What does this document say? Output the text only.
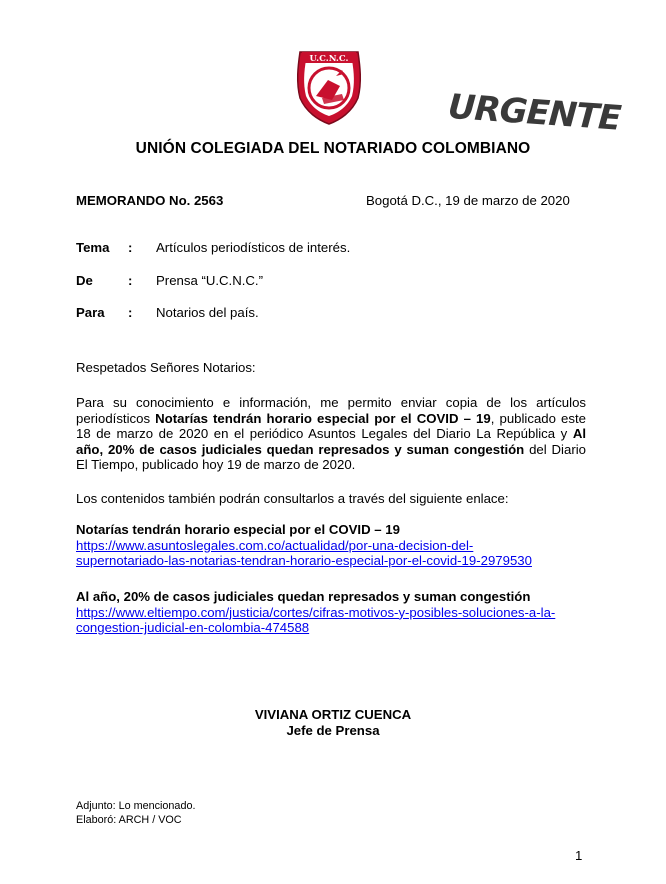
U.C.N.C.
URGENTE
UNIÓN COLEGIADA DEL NOTARIADO COLOMBIANO
MEMORANDO No. 2563	Bogotá D.C., 19 de marzo de 2020
Tema : Artículos periodísticos de interés.
De	: Prensa “U.C.N.C.”
Para : Notarios del país.
Respetados Señores Notarios:
Para su conocimiento e información, me permito enviar copia de los artículos periodísticos Notarías tendrán horario especial por el COVID – 19, publicado este 18 de marzo de 2020 en el periódico Asuntos Legales del Diario La República y Al año, 20% de casos judiciales quedan represados y suman congestión del Diario El Tiempo, publicado hoy 19 de marzo de 2020.
Los contenidos también podrán consultarlos a través del siguiente enlace:
Notarías tendrán horario especial por el COVID – 19
https://www.asuntoslegales.com.co/actualidad/por-una-decision-del-
supernotariado-las-notarias-tendran-horario-especial-por-el-covid-19-2979530
Al año, 20% de casos judiciales quedan represados y suman congestión
https://www.eltiempo.com/justicia/cortes/cifras-motivos-y-posibles-soluciones-a-la-
congestion-judicial-en-colombia-474588
VIVIANA ORTIZ CUENCA
Jefe de Prensa
Adjunto: Lo mencionado.
Elaboró: ARCH / VOC
1
